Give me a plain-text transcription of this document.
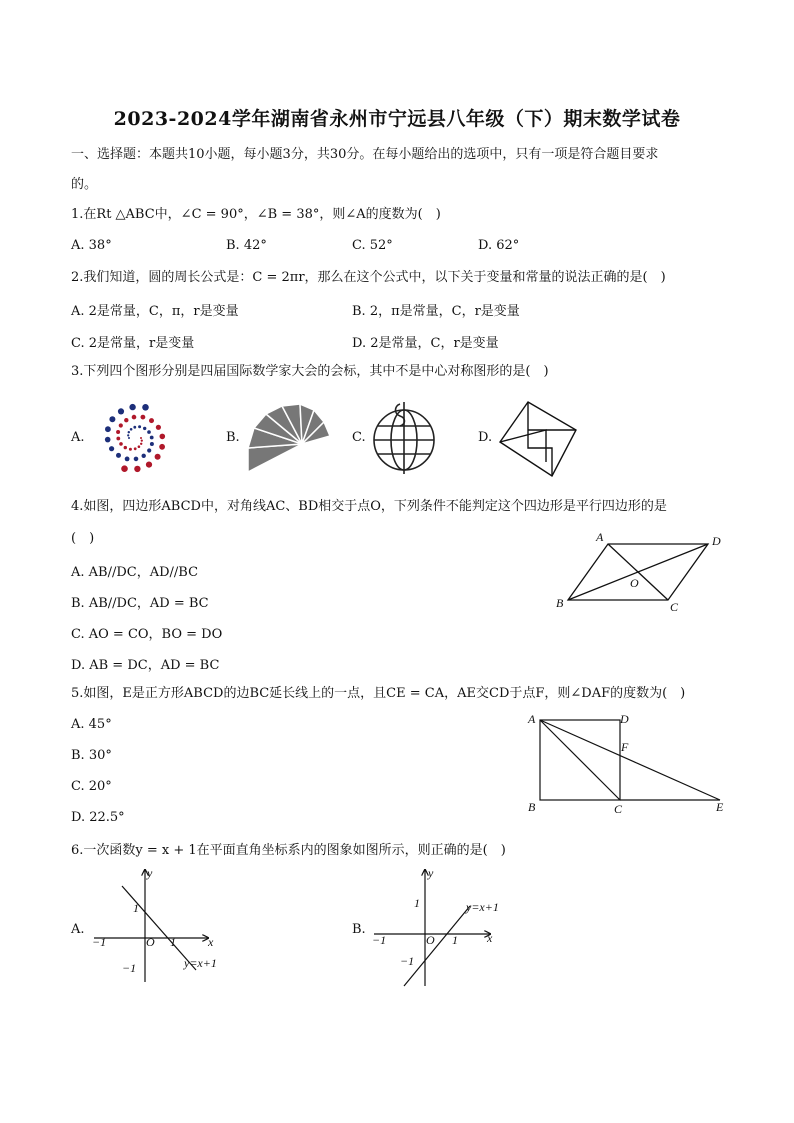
2023-2024学年湖南省永州市宁远县八年级（下）期末数学试卷
一、选择题：本题共10小题，每小题3分，共30分。在每小题给出的选项中，只有一项是符合题目要求
的。
1.在Rt △ABC中，∠C = 90°，∠B = 38°，则∠A的度数为(　)
A. 38°	B. 42°	C. 52°	D. 62°
2.我们知道，圆的周长公式是：C = 2πr，那么在这个公式中，以下关于变量和常量的说法正确的是(　)
A. 2是常量，C，π，r是变量	B. 2，π是常量，C，r是变量
C. 2是常量，r是变量	D. 2是常量，C，r是变量
3.下列四个图形分别是四届国际数学家大会的会标，其中不是中心对称图形的是(　)
A.	B.	C.	D.
4.如图，四边形ABCD中，对角线AC、BD相交于点O，下列条件不能判定这个四边形是平行四边形的是
(　)
A. AB//DC，AD//BC
B. AB//DC，AD = BC
C. AO = CO，BO = DO
D. AB = DC，AD = BC
A	D
B	C
O
5.如图，E是正方形ABCD的边BC延长线上的一点，且CE = CA，AE交CD于点F，则∠DAF的度数为(　)
A. 45°
B. 30°
C. 20°
D. 22.5°
A	D
F
B	C	E
6.一次函数y = x + 1在平面直角坐标系内的图象如图所示，则正确的是(　)
A.
y
x
1
1
−1
−1
O
y=x+1
B.
y
x
1
1
−1
−1
O
y=x+1
